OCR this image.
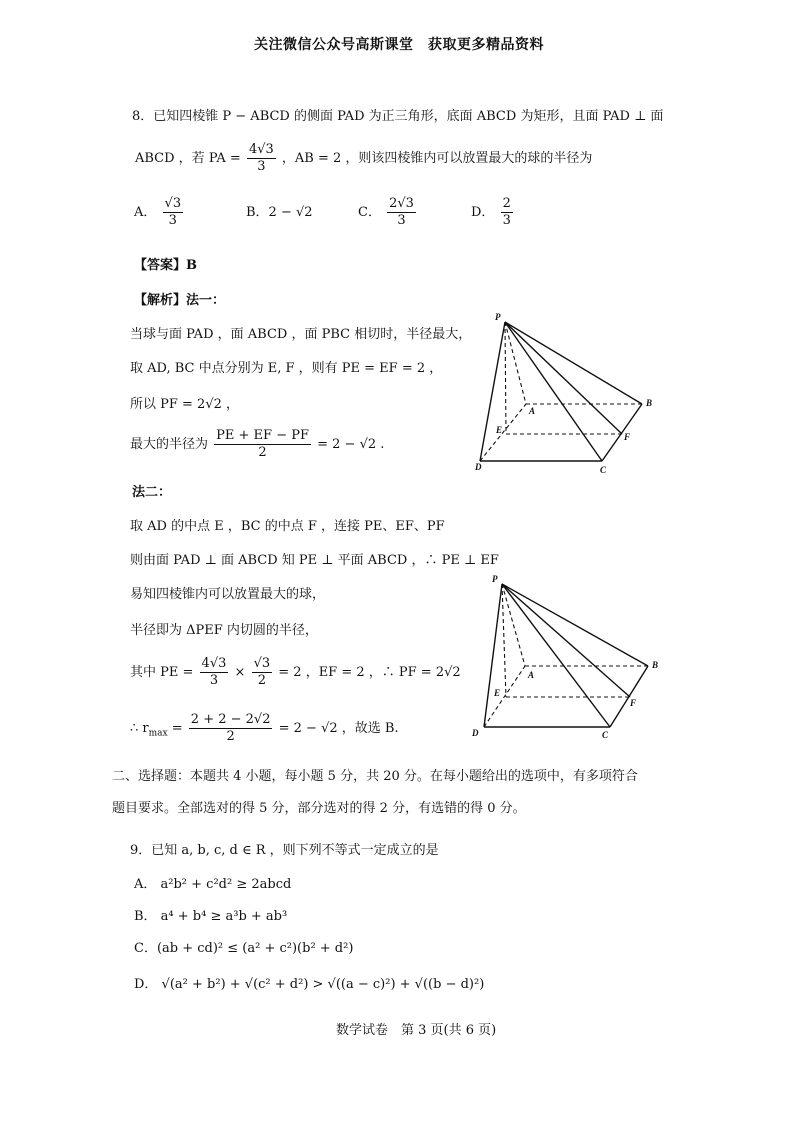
关注微信公众号高斯课堂　获取更多精品资料
8．已知四棱锥 P − ABCD 的侧面 PAD 为正三角形，底面 ABCD 为矩形，且面 PAD ⊥ 面
ABCD ，若 PA = $\frac{4√3}{3}$ ，AB = 2 ，则该四棱锥内可以放置最大的球的半径为
A． $\frac{√3}{3}$	B．2 − √2	C． $\frac{2√3}{3}$	D． $\frac{2}{3}$
【答案】B
【解析】法一：
当球与面 PAD ，面 ABCD ，面 PBC 相切时，半径最大，
取 AD, BC 中点分别为 E, F ，则有 PE = EF = 2 ，
所以 PF = 2√2 ，
最大的半径为 $\frac{PE + EF - PF}{2} = 2 - √2$ .
P
A
B
C
D
E
F
法二：
取 AD 的中点 E ，BC 的中点 F ，连接 PE、EF、PF
则由面 PAD ⊥ 面 ABCD 知 PE ⊥ 平面 ABCD ，∴ PE ⊥ EF
易知四棱锥内可以放置最大的球，
半径即为 ΔPEF 内切圆的半径，
其中 PE = $\frac{4√3}{3} \times \frac{√3}{2} = 2$ ，EF = 2 ，∴ PF = 2√2
∴ $r_{max} = \frac{2 + 2 - 2√2}{2} = 2 - √2$ ，故选 B.
P
A
B
C
D
E
F
二、选择题：本题共 4 小题，每小题 5 分，共 20 分。在每小题给出的选项中，有多项符合
题目要求。全部选对的得 5 分，部分选对的得 2 分，有选错的得 0 分。
9．已知 a, b, c, d ∈ R ，则下列不等式一定成立的是
A． a²b² + c²d² ≥ 2abcd
B． a⁴ + b⁴ ≥ a³b + ab³
C．(ab + cd)² ≤ (a² + c²)(b² + d²)
D． √(a² + b²) + √(c² + d²) > √((a − c)²) + √((b − d)²)
数学试卷　第 3 页(共 6 页)
